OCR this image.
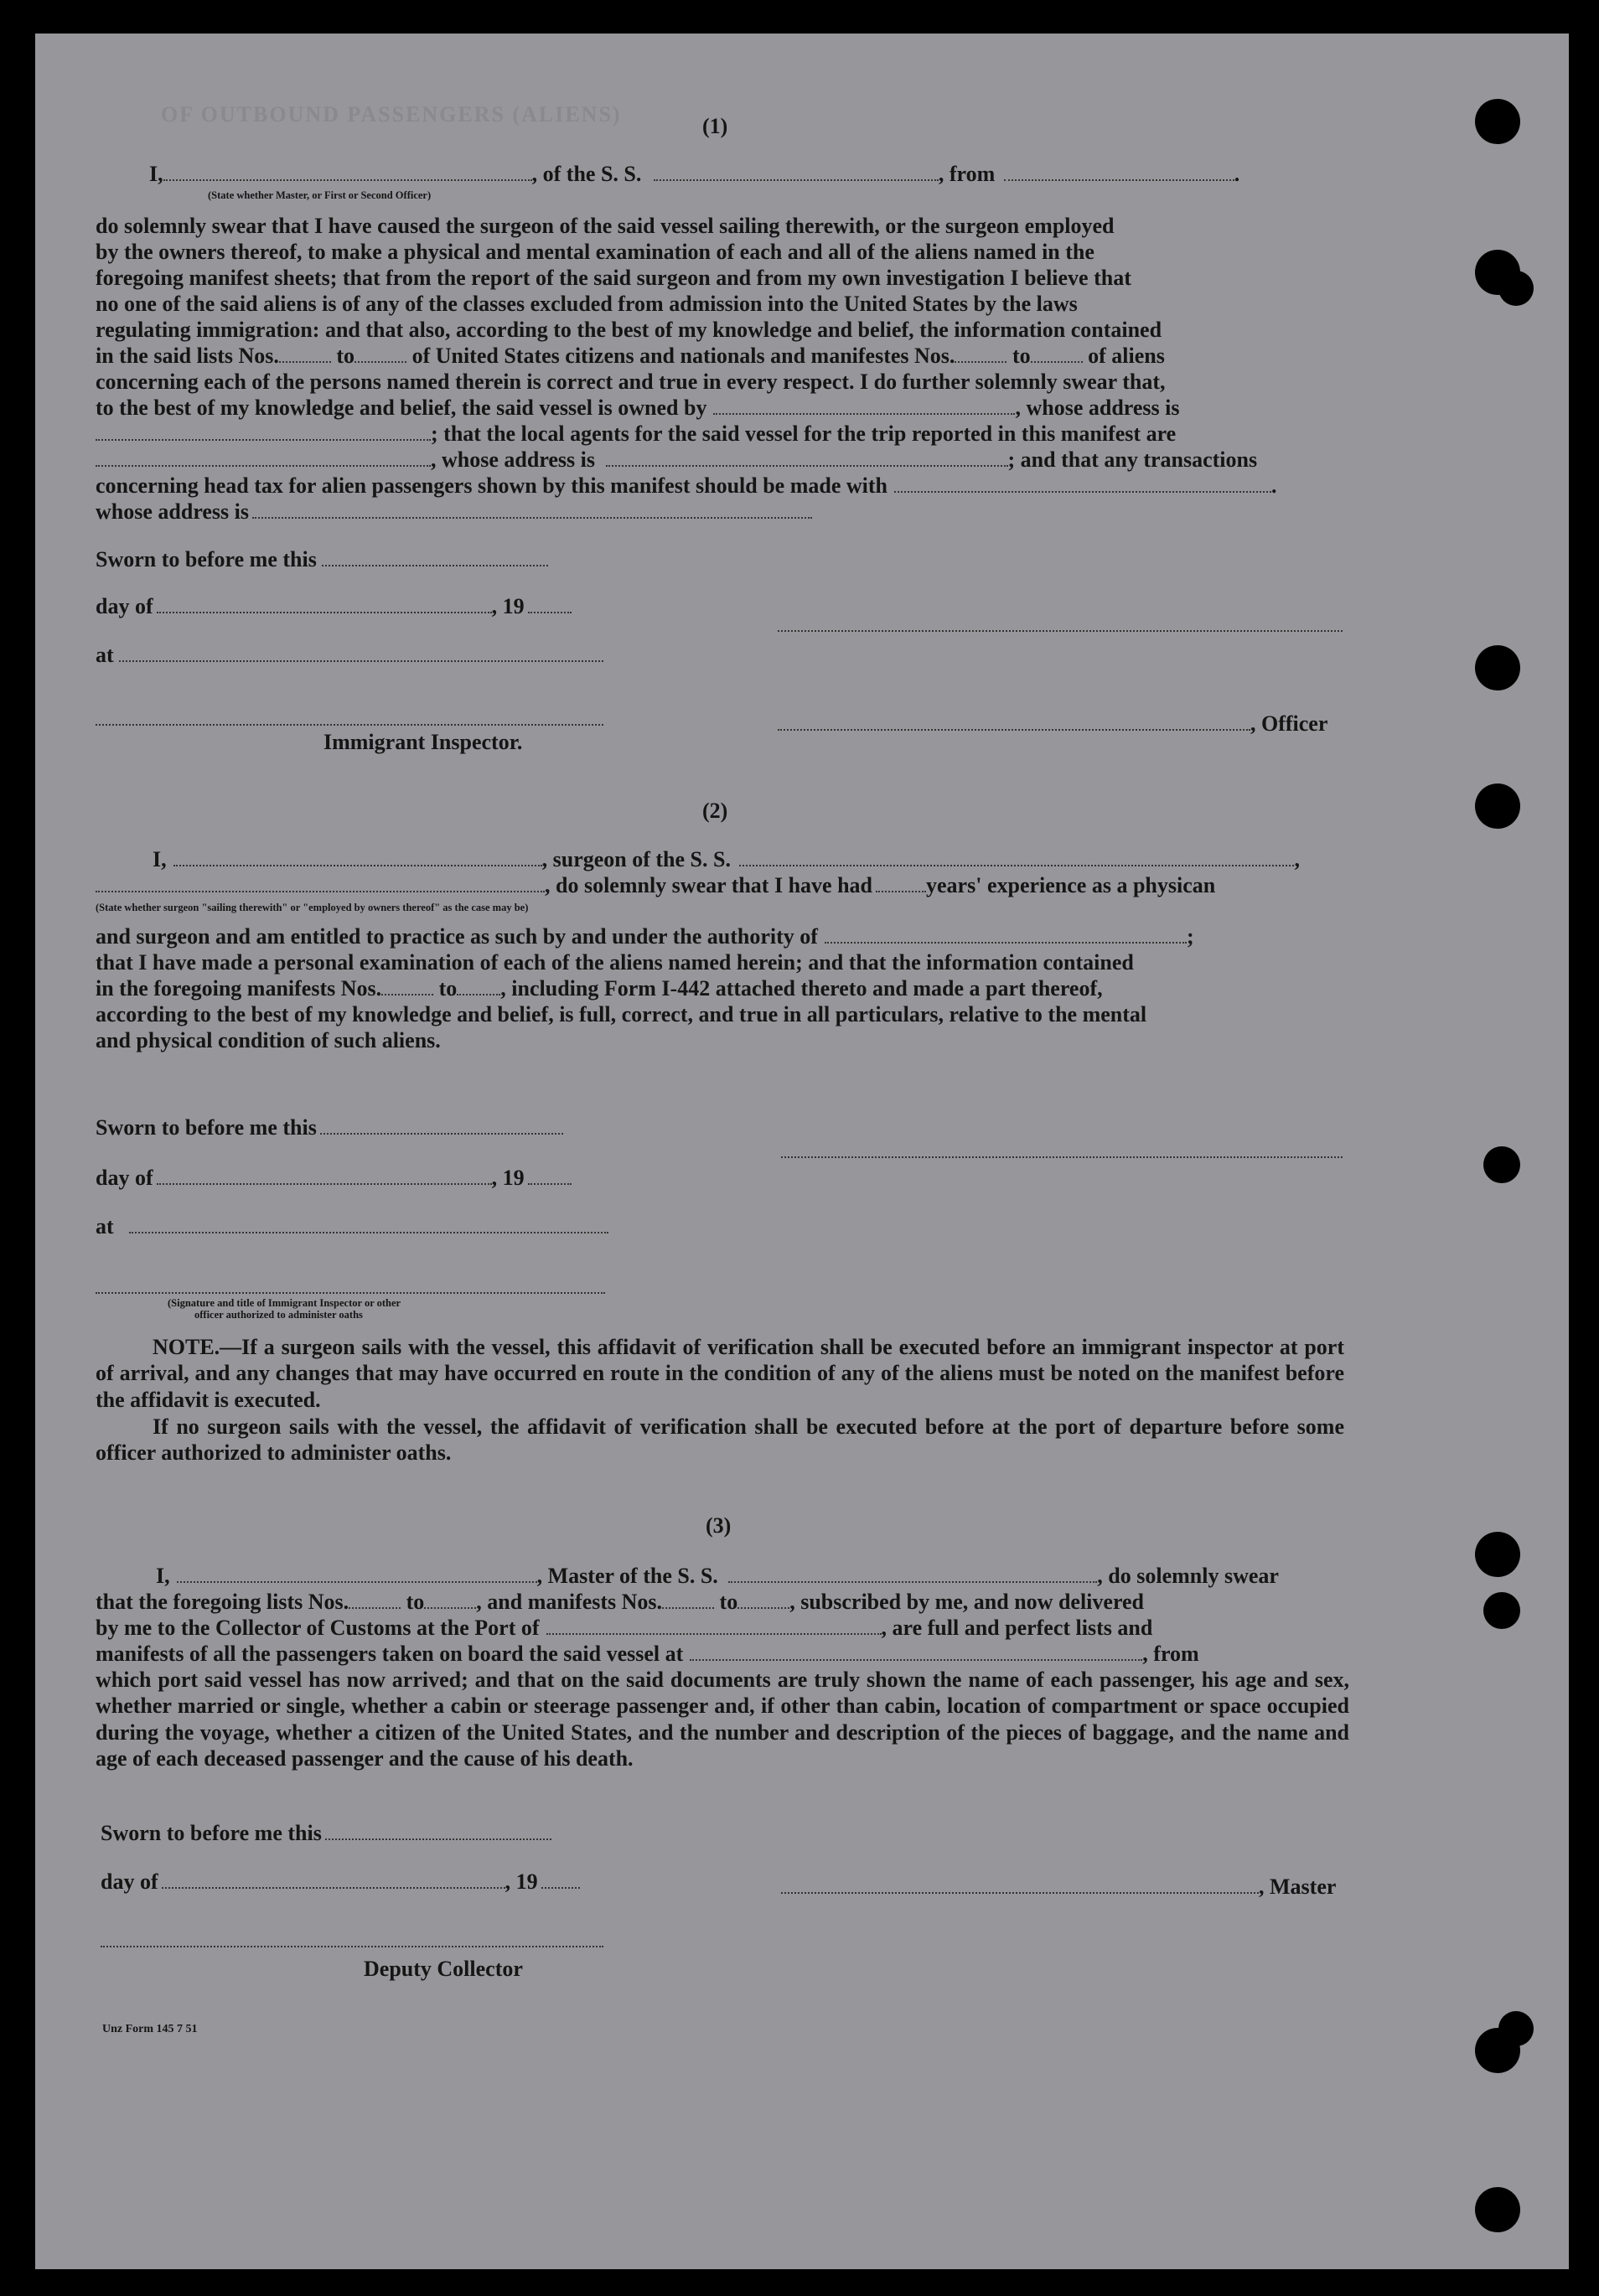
OF OUTBOUND PASSENGERS (ALIENS)	(1)
I,	, of the S. S.	, from	.
(State whether Master, or First or Second Officer)
do solemnly swear that I have caused the surgeon of the said vessel sailing therewith, or the surgeon employed
by the owners thereof, to make a physical and mental examination of each and all of the aliens named in the
foregoing manifest sheets; that from the report of the said surgeon and from my own investigation I believe that
no one of the said aliens is of any of the classes excluded from admission into the United States by the laws
regulating immigration: and that also, according to the best of my knowledge and belief, the information contained
in the said lists Nos.	to	of United States citizens and nationals and manifestes Nos.	to	of aliens
concerning each of the persons named therein is correct and true in every respect. I do further solemnly swear that,
to the best of my knowledge and belief, the said vessel is owned by	, whose address is
; that the local agents for the said vessel for the trip reported in this manifest are
, whose address is	; and that any transactions
concerning head tax for alien passengers shown by this manifest should be made with	.
whose address is
Sworn to before me this
day of	, 19
at
Immigrant Inspector.
, Officer
(2)
I,	, surgeon of the S. S.	,
, do solemnly swear that I have had years' experience as a physican
(State whether surgeon "sailing therewith" or "employed by owners thereof" as the case may be)
and surgeon and am entitled to practice as such by and under the authority of	;
that I have made a personal examination of each of the aliens named herein; and that the information contained
in the foregoing manifests Nos.	to , including Form I-442 attached thereto and made a part thereof,
according to the best of my knowledge and belief, is full, correct, and true in all particulars, relative to the mental
and physical condition of such aliens.
Sworn to before me this
day of	, 19
at
(Signature and title of Immigrant Inspector or other
officer authorized to administer oaths
NOTE.—If a surgeon sails with the vessel, this affidavit of verification shall be executed before an immigrant inspector at port of arrival, and any changes that may have occurred en route in the condition of any of the aliens must be noted on the manifest before the affidavit is executed.
If no surgeon sails with the vessel, the affidavit of verification shall be executed before at the port of departure before some officer authorized to administer oaths.
(3)
I,	, Master of the S. S.	, do solemnly swear
that the foregoing lists Nos.	to , and manifests Nos.	to , subscribed by me, and now delivered
by me to the Collector of Customs at the Port of	, are full and perfect lists and
manifests of all the passengers taken on board the said vessel at	, from
which port said vessel has now arrived; and that on the said documents are truly shown the name of each passenger, his age and sex, whether married or single, whether a cabin or steerage passenger and, if other than cabin, location of compartment or space occupied during the voyage, whether a citizen of the United States, and the number and description of the pieces of baggage, and the name and age of each deceased passenger and the cause of his death.
Sworn to before me this
day of	, 19	, Master
Deputy Collector
Unz Form 145 7 51
